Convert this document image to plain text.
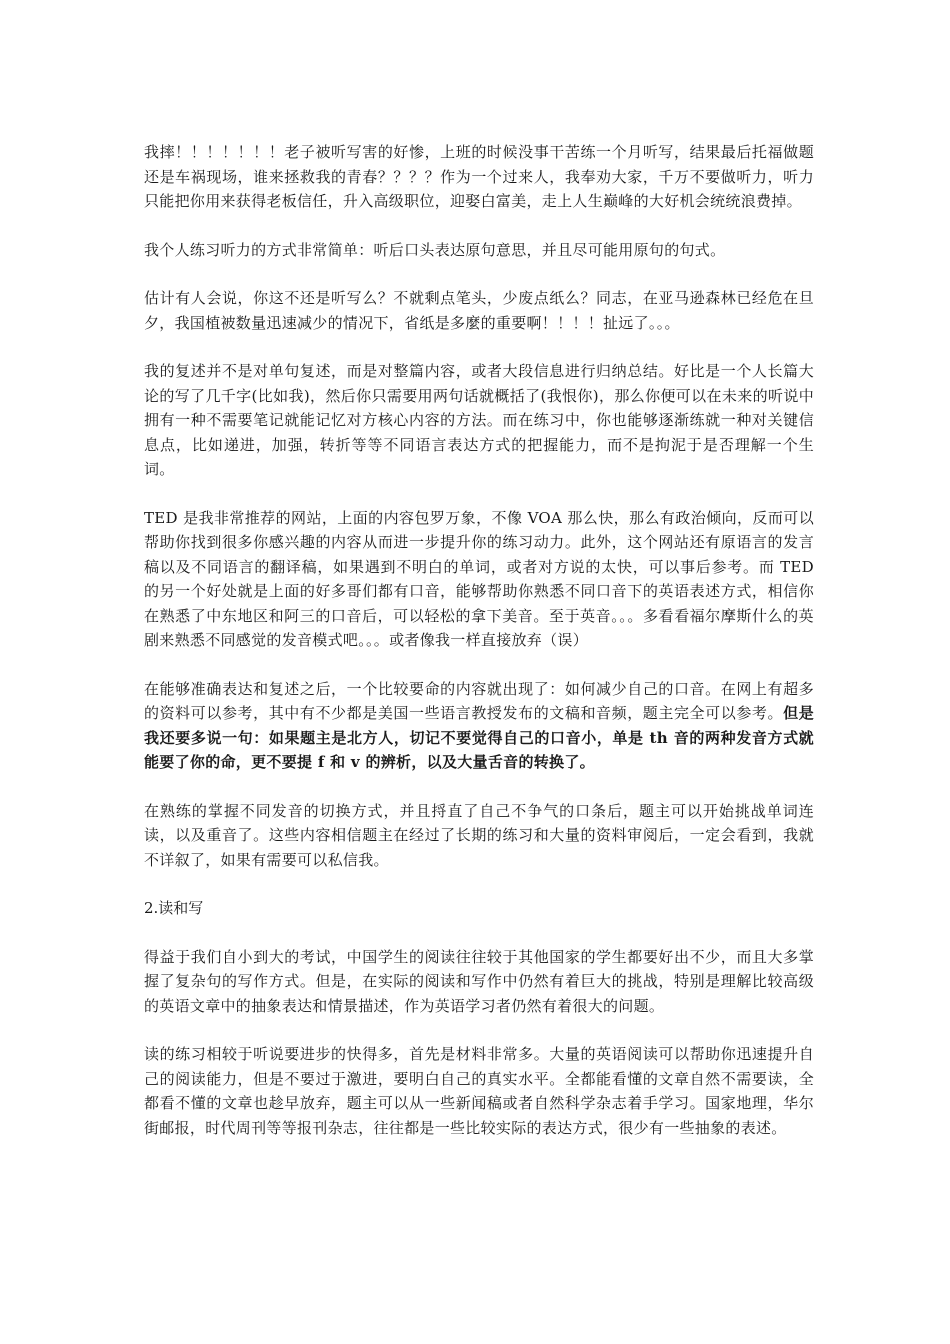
我摔！！！！！！！老子被听写害的好惨，上班的时候没事干苦练一个月听写，结果最后托福做题还是车祸现场，谁来拯救我的青春？？？？作为一个过来人，我奉劝大家，千万不要做听力，听力只能把你用来获得老板信任，升入高级职位，迎娶白富美，走上人生巅峰的大好机会统统浪费掉。

我个人练习听力的方式非常简单：听后口头表达原句意思，并且尽可能用原句的句式。

估计有人会说，你这不还是听写么？不就剩点笔头，少废点纸么？同志，在亚马逊森林已经危在旦夕，我国植被数量迅速减少的情况下，省纸是多麼的重要啊！！！！扯远了。。。

我的复述并不是对单句复述，而是对整篇内容，或者大段信息进行归纳总结。好比是一个人长篇大论的写了几千字(比如我)，然后你只需要用两句话就概括了(我恨你)，那么你便可以在未来的听说中拥有一种不需要笔记就能记忆对方核心内容的方法。而在练习中，你也能够逐渐练就一种对关键信息点，比如递进，加强，转折等等不同语言表达方式的把握能力，而不是拘泥于是否理解一个生词。

TED 是我非常推荐的网站，上面的内容包罗万象，不像 VOA 那么快，那么有政治倾向，反而可以帮助你找到很多你感兴趣的内容从而进一步提升你的练习动力。此外，这个网站还有原语言的发言稿以及不同语言的翻译稿，如果遇到不明白的单词，或者对方说的太快，可以事后参考。而 TED 的另一个好处就是上面的好多哥们都有口音，能够帮助你熟悉不同口音下的英语表述方式，相信你在熟悉了中东地区和阿三的口音后，可以轻松的拿下美音。至于英音。。。多看看福尔摩斯什么的英剧来熟悉不同感觉的发音模式吧。。。或者像我一样直接放弃（误）

在能够准确表达和复述之后，一个比较要命的内容就出现了：如何减少自己的口音。在网上有超多的资料可以参考，其中有不少都是美国一些语言教授发布的文稿和音频，题主完全可以参考。但是我还要多说一句：如果题主是北方人，切记不要觉得自己的口音小，单是 th 音的两种发音方式就能要了你的命，更不要提 f 和 v 的辨析，以及大量舌音的转换了。

在熟练的掌握不同发音的切换方式，并且捋直了自己不争气的口条后，题主可以开始挑战单词连读，以及重音了。这些内容相信题主在经过了长期的练习和大量的资料审阅后，一定会看到，我就不详叙了，如果有需要可以私信我。

2.读和写

得益于我们自小到大的考试，中国学生的阅读往往较于其他国家的学生都要好出不少，而且大多掌握了复杂句的写作方式。但是，在实际的阅读和写作中仍然有着巨大的挑战，特别是理解比较高级的英语文章中的抽象表达和情景描述，作为英语学习者仍然有着很大的问题。

读的练习相较于听说要进步的快得多，首先是材料非常多。大量的英语阅读可以帮助你迅速提升自己的阅读能力，但是不要过于激进，要明白自己的真实水平。全都能看懂的文章自然不需要读，全都看不懂的文章也趁早放弃，题主可以从一些新闻稿或者自然科学杂志着手学习。国家地理，华尔街邮报，时代周刊等等报刊杂志，往往都是一些比较实际的表达方式，很少有一些抽象的表述。
